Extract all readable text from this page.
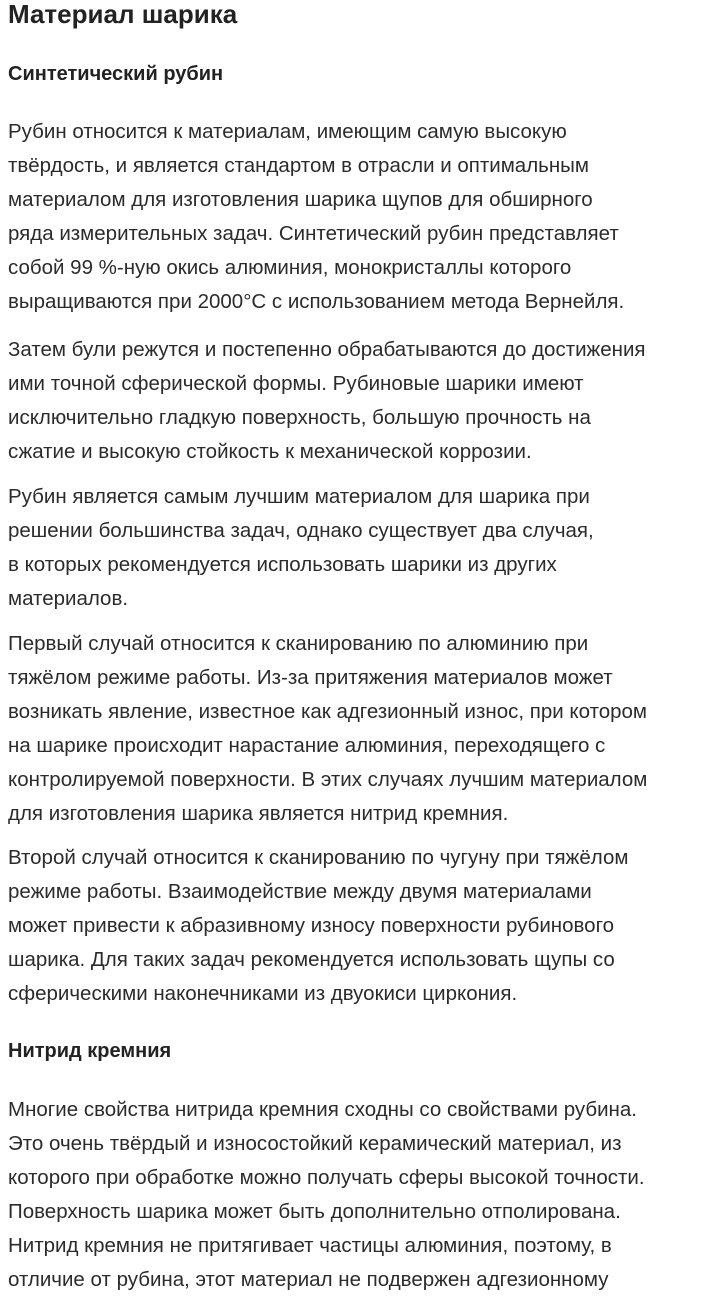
Материал шарика
Синтетический рубин

Рубин относится к материалам, имеющим самую высокую
твёрдость, и является стандартом в отрасли и оптимальным
материалом для изготовления шарика щупов для обширного
ряда измерительных задач. Синтетический рубин представляет
собой 99 %-ную окись алюминия, монокристаллы которого
выращиваются при 2000°C с использованием метода Вернейля.

Затем були режутся и постепенно обрабатываются до достижения
ими точной сферической формы. Рубиновые шарики имеют
исключительно гладкую поверхность, большую прочность на
сжатие и высокую стойкость к механической коррозии.

Рубин является самым лучшим материалом для шарика при
решении большинства задач, однако существует два случая,
в которых рекомендуется использовать шарики из других
материалов.

Первый случай относится к сканированию по алюминию при
тяжёлом режиме работы. Из-за притяжения материалов может
возникать явление, известное как адгезионный износ, при котором
на шарике происходит нарастание алюминия, переходящего с
контролируемой поверхности. В этих случаях лучшим материалом
для изготовления шарика является нитрид кремния.

Второй случай относится к сканированию по чугуну при тяжёлом
режиме работы. Взаимодействие между двумя материалами
может привести к абразивному износу поверхности рубинового
шарика. Для таких задач рекомендуется использовать щупы со
сферическими наконечниками из двуокиси циркония.

Нитрид кремния

Многие свойства нитрида кремния сходны со свойствами рубина.
Это очень твёрдый и износостойкий керамический материал, из
которого при обработке можно получать сферы высокой точности.
Поверхность шарика может быть дополнительно отполирована.
Нитрид кремния не притягивает частицы алюминия, поэтому, в
отличие от рубина, этот материал не подвержен адгезионному
